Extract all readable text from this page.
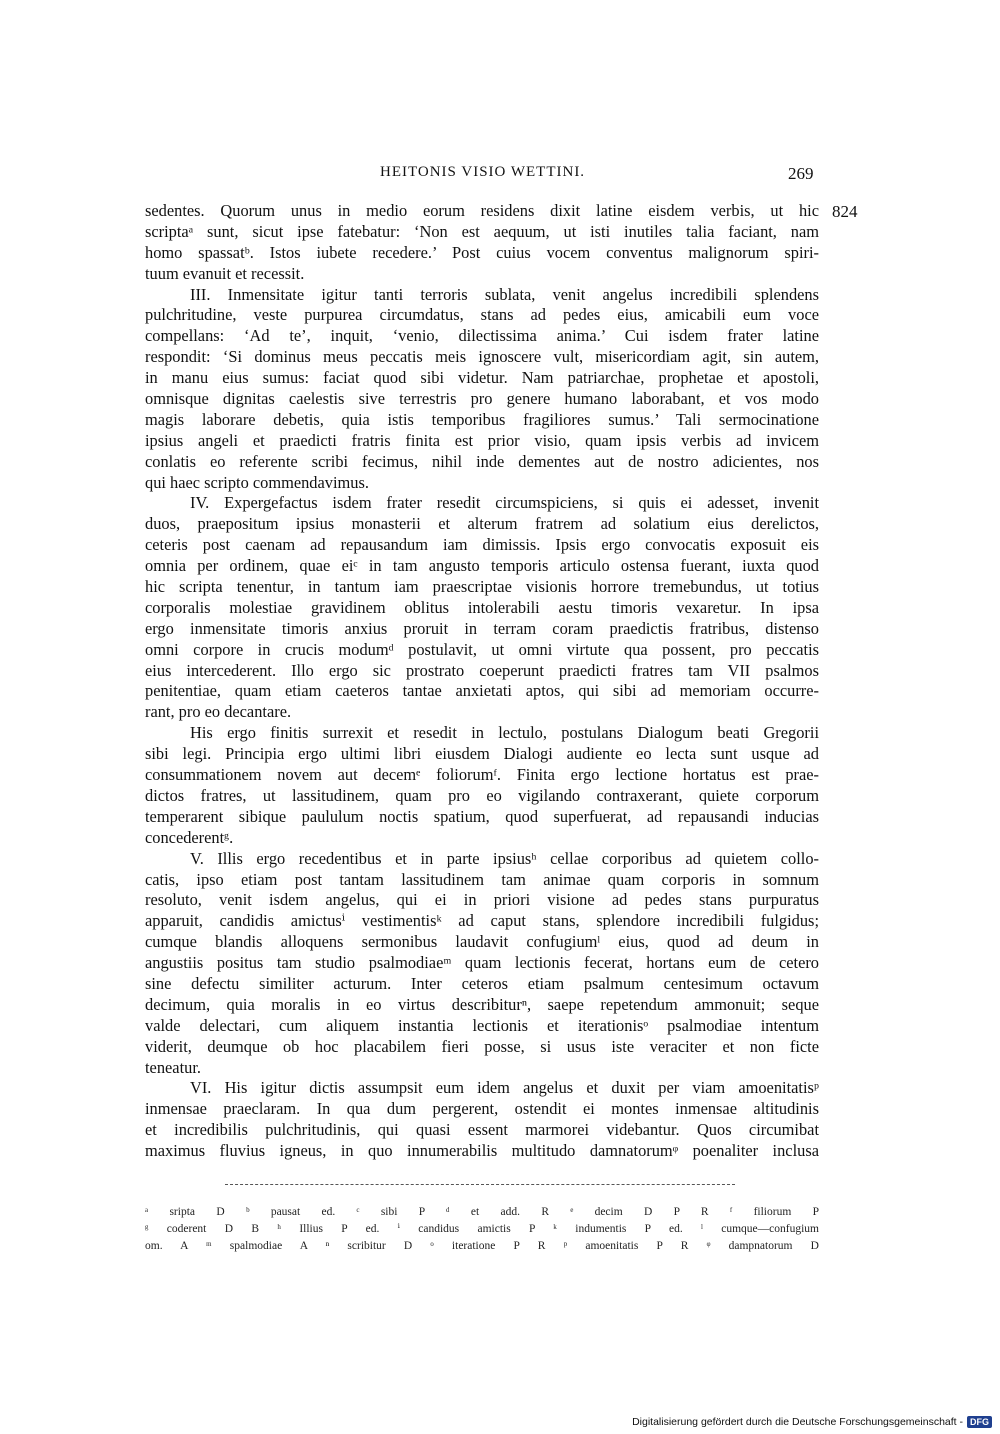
HEITONIS VISIO WETTINI.	269
824
sedentes. Quorum unus in medio eorum residens dixit latine eisdem verbis, ut hic
scriptaᵃ sunt, sicut ipse fatebatur: ‘Non est aequum, ut isti inutiles talia faciant, nam
homo spassatᵇ. Istos iubete recedere.’ Post cuius vocem conventus malignorum spiri-
tuum evanuit et recessit.
III. Inmensitate igitur tanti terroris sublata, venit angelus incredibili splendens
pulchritudine, veste purpurea circumdatus, stans ad pedes eius, amicabili eum voce
compellans: ‘Ad te’, inquit, ‘venio, dilectissima anima.’ Cui isdem frater latine
respondit: ‘Si dominus meus peccatis meis ignoscere vult, misericordiam agit, sin autem,
in manu eius sumus: faciat quod sibi videtur. Nam patriarchae, prophetae et apostoli,
omnisque dignitas caelestis sive terrestris pro genere humano laborabant, et vos modo
magis laborare debetis, quia istis temporibus fragiliores sumus.’ Tali sermocinatione
ipsius angeli et praedicti fratris finita est prior visio, quam ipsis verbis ad invicem
conlatis eo referente scribi fecimus, nihil inde dementes aut de nostro adicientes, nos
qui haec scripto commendavimus.
IV. Expergefactus isdem frater resedit circumspiciens, si quis ei adesset, invenit
duos, praepositum ipsius monasterii et alterum fratrem ad solatium eius derelictos,
ceteris post caenam ad repausandum iam dimissis. Ipsis ergo convocatis exposuit eis
omnia per ordinem, quae eiᶜ in tam angusto temporis articulo ostensa fuerant, iuxta quod
hic scripta tenentur, in tantum iam praescriptae visionis horrore tremebundus, ut totius
corporalis molestiae gravidinem oblitus intolerabili aestu timoris vexaretur. In ipsa
ergo inmensitate timoris anxius proruit in terram coram praedictis fratribus, distenso
omni corpore in crucis modumᵈ postulavit, ut omni virtute qua possent, pro peccatis
eius intercederent. Illo ergo sic prostrato coeperunt praedicti fratres tam VII psalmos
penitentiae, quam etiam caeteros tantae anxietati aptos, qui sibi ad memoriam occurre-
rant, pro eo decantare.
His ergo finitis surrexit et resedit in lectulo, postulans Dialogum beati Gregorii
sibi legi. Principia ergo ultimi libri eiusdem Dialogi audiente eo lecta sunt usque ad
consummationem novem aut decemᵉ foliorumᶠ. Finita ergo lectione hortatus est prae-
dictos fratres, ut lassitudinem, quam pro eo vigilando contraxerant, quiete corporum
temperarent sibique paululum noctis spatium, quod superfuerat, ad repausandi inducias
concederentᵍ.
V. Illis ergo recedentibus et in parte ipsiusʰ cellae corporibus ad quietem collo-
catis, ipso etiam post tantam lassitudinem tam animae quam corporis in somnum
resoluto, venit isdem angelus, qui ei in priori visione ad pedes stans purpuratus
apparuit, candidis amictusⁱ vestimentisᵏ ad caput stans, splendore incredibili fulgidus;
cumque blandis alloquens sermonibus laudavit confugiumˡ eius, quod ad deum in
angustiis positus tam studio psalmodiaeᵐ quam lectionis fecerat, hortans eum de cetero
sine defectu similiter acturum. Inter ceteros etiam psalmum centesimum octavum
decimum, quia moralis in eo virtus describiturⁿ, saepe repetendum ammonuit; seque
valde delectari, cum aliquem instantia lectionis et iterationisᵒ psalmodiae intentum
viderit, deumque ob hoc placabilem fieri posse, si usus iste veraciter et non ficte
teneatur.
VI. His igitur dictis assumpsit eum idem angelus et duxit per viam amoenitatisᵖ
inmensae praeclaram. In qua dum pergerent, ostendit ei montes inmensae altitudinis
et incredibilis pulchritudinis, qui quasi essent marmorei videbantur. Quos circumibat
maximus fluvius igneus, in quo innumerabilis multitudo damnatorumᵠ poenaliter inclusa
ᵃ sripta D ᵇ pausat ed. ᶜ sibi P ᵈ et add. R ᵉ decim D P R ᶠ filiorum P
ᵍ coderent D B ʰ Illius P ed. ⁱ candidus amictis P ᵏ indumentis P ed. ˡ cumque—confugium
om. A ᵐ spalmodiae A ⁿ scribitur D ᵒ iteratione P R ᵖ amoenitatis P R ᵠ dampnatorum D
Digitalisierung gefördert durch die Deutsche Forschungsgemeinschaft - DFG
